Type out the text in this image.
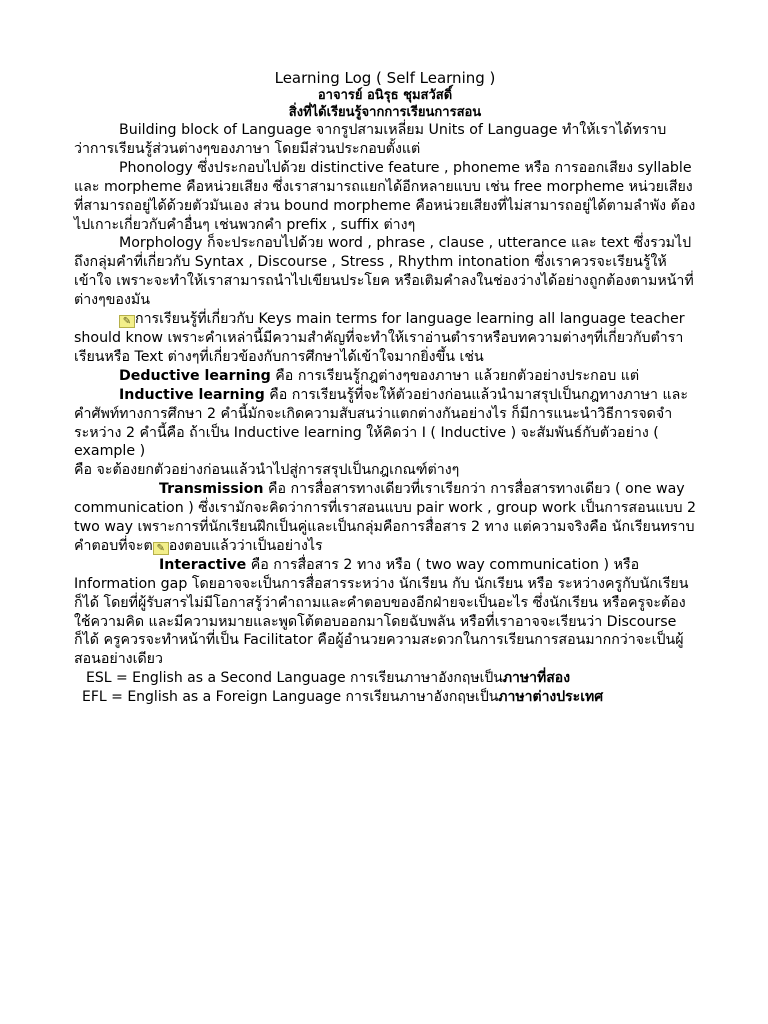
Learning Log ( Self Learning )
อาจารย์ อนิรุธ ชุมสวัสดิ์
สิ่งที่ได้เรียนรู้จากการเรียนการสอน

Building block of Language จากรูปสามเหลี่ยม Units of Language ทำให้เราได้ทราบว่าการเรียนรู้ส่วนต่างๆของภาษา โดยมีส่วนประกอบตั้งแต่

Phonology ซึ่งประกอบไปด้วย distinctive feature , phoneme หรือ การออกเสียง syllable และ morpheme คือหน่วยเสียง ซึ่งเราสามารถแยกได้อีกหลายแบบ เช่น free morpheme หน่วยเสียงที่สามารถอยู่ได้ด้วยตัวมันเอง ส่วน bound morpheme คือหน่วยเสียงที่ไม่สามารถอยู่ได้ตามลำพัง ต้องไปเกาะเกี่ยวกับคำอื่นๆ เช่นพวกคำ prefix , suffix ต่างๆ

Morphology ก็จะประกอบไปด้วย word , phrase , clause , utterance และ text ซึ่งรวมไปถึงกลุ่มคำที่เกี่ยวกับ Syntax , Discourse , Stress , Rhythm intonation ซึ่งเราควรจะเรียนรู้ให้เข้าใจ เพราะจะทำให้เราสามารถนำไปเขียนประโยค หรือเติมคำลงในช่องว่างได้อย่างถูกต้องตามหน้าที่ต่างๆของมัน

✎ การเรียนรู้ที่เกี่ยวกับ Keys main terms for language learning all language teacher should know เพราะคำเหล่านี้มีความสำคัญที่จะทำให้เราอ่านตำราหรือบทความต่างๆที่เกี่ยวกับตำราเรียนหรือ Text ต่างๆที่เกี่ยวข้องกับการศึกษาได้เข้าใจมากยิ่งขึ้น เช่น

Deductive learning คือ การเรียนรู้กฎต่างๆของภาษา แล้วยกตัวอย่างประกอบ แต่

Inductive learning คือ การเรียนรู้ที่จะให้ตัวอย่างก่อนแล้วนำมาสรุปเป็นกฎทางภาษา และ คำศัพท์ทางการศึกษา 2 คำนี้มักจะเกิดความสับสนว่าแตกต่างกันอย่างไร ก็มีการแนะนำวิธีการจดจำระหว่าง 2 คำนี้คือ ถ้าเป็น Inductive learning ให้คิดว่า I ( Inductive ) จะสัมพันธ์กับตัวอย่าง ( example )

คือ จะต้องยกตัวอย่างก่อนแล้วนำไปสู่การสรุปเป็นกฎเกณฑ์ต่างๆ

Transmission คือ การสื่อสารทางเดียวที่เราเรียกว่า การสื่อสารทางเดียว ( one way communication ) ซึ่งเรามักจะคิดว่าการที่เราสอนแบบ pair work , group work เป็นการสอนแบบ 2 two way เพราะการที่นักเรียนฝึกเป็นคู่และเป็นกลุ่มคือการสื่อสาร 2 ทาง แต่ความจริงคือ นักเรียนทราบคำตอบที่จะต ✎ องตอบแล้วว่าเป็นอย่างไร

Interactive คือ การสื่อสาร 2 ทาง หรือ ( two way communication ) หรือ Information gap โดยอาจจะเป็นการสื่อสารระหว่าง นักเรียน กับ นักเรียน หรือ ระหว่างครูกับนักเรียนก็ได้ โดยที่ผู้รับสารไม่มีโอกาสรู้ว่าคำถามและคำตอบของอีกฝ่ายจะเป็นอะไร ซึ่งนักเรียน หรือครูจะต้องใช้ความคิด และมีความหมายและพูดโต้ตอบออกมาโดยฉับพลัน หรือที่เราอาจจะเรียนว่า Discourse ก็ได้ ครูควรจะทำหน้าที่เป็น Facilitator คือผู้อำนวยความสะดวกในการเรียนการสอนมากกว่าจะเป็นผู้สอนอย่างเดียว

ESL = English as a Second Language การเรียนภาษาอังกฤษเป็นภาษาที่สอง

EFL = English as a Foreign Language การเรียนภาษาอังกฤษเป็นภาษาต่างประเทศ
